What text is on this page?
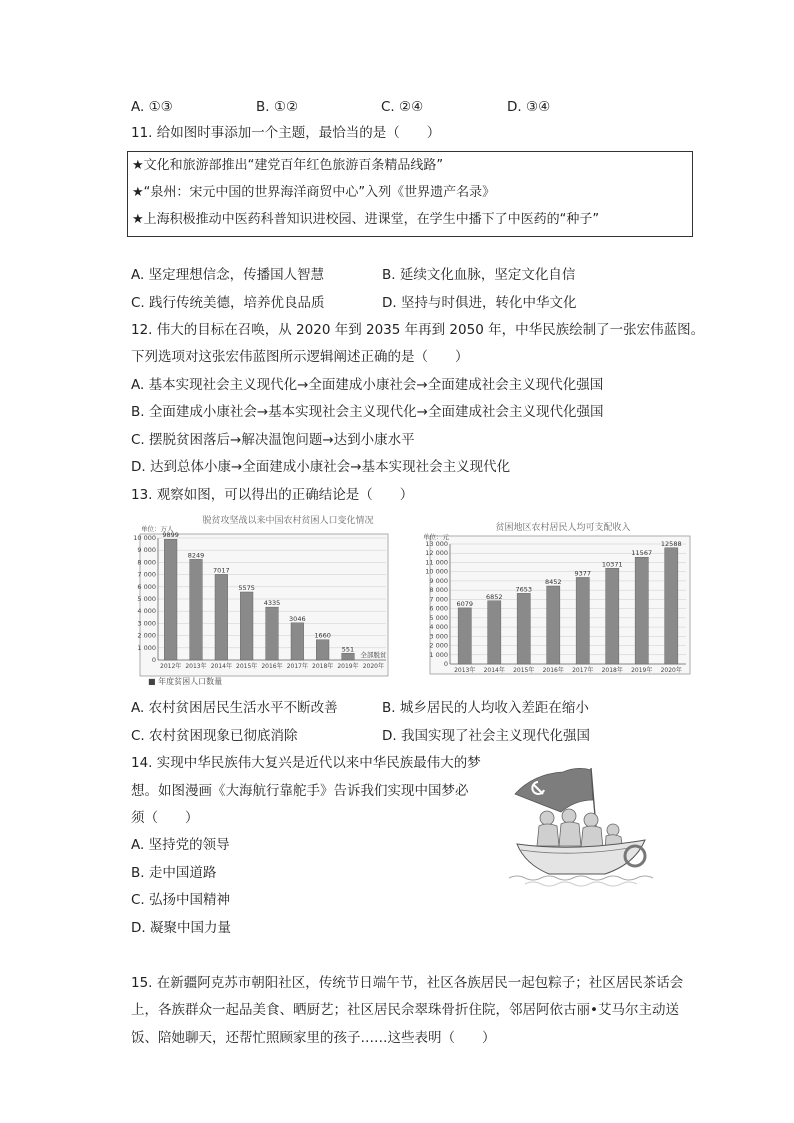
A. ①③	B. ①②	C. ②④	D. ③④
11. 给如图时事添加一个主题，最恰当的是（　　）
★文化和旅游部推出“建党百年红色旅游百条精品线路”
★“泉州：宋元中国的世界海洋商贸中心”入列《世界遗产名录》
★上海积极推动中医药科普知识进校园、进课堂，在学生中播下了中医药的“种子”
A. 坚定理想信念，传播国人智慧	B. 延续文化血脉，坚定文化自信
C. 践行传统美德，培养优良品质	D. 坚持与时俱进，转化中华文化
12. 伟大的目标在召唤，从 2020 年到 2035 年再到 2050 年，中华民族绘制了一张宏伟蓝图。
下列选项对这张宏伟蓝图所示逻辑阐述正确的是（　　）
A. 基本实现社会主义现代化→全面建成小康社会→全面建成社会主义现代化强国
B. 全面建成小康社会→基本实现社会主义现代化→全面建成社会主义现代化强国
C. 摆脱贫困落后→解决温饱问题→达到小康水平
D. 达到总体小康→全面建成小康社会→基本实现社会主义现代化
13. 观察如图，可以得出的正确结论是（　　）
脱贫攻坚战以来中国农村贫困人口变化情况
单位：万人
0
1 000
2 000
3 000
4 000
5 000
6 000
7 000
8 000
9 000
10 000 9899
8249
7017
5575
4335
3046
1660
551
全部脱贫
2012年 2013年 2014年 2015年 2016年 2017年 2018年 2019年 2020年
■ 年度贫困人口数量
贫困地区农村居民人均可支配收入
单位：元
0
1 000
2 000
3 000
4 000
5 000
6 000
7 000
8 000
9 000
10 000
11 000
12 000
13 000
6079
6852
7653
8452
9377
10371
11567
12588
2013年 2014年 2015年 2016年 2017年 2018年 2019年 2020年
A. 农村贫困居民生活水平不断改善	B. 城乡居民的人均收入差距在缩小
C. 农村贫困现象已彻底消除	D. 我国实现了社会主义现代化强国
14. 实现中华民族伟大复兴是近代以来中华民族最伟大的梦
想。如图漫画《大海航行靠舵手》告诉我们实现中国梦必
须（　　）
A. 坚持党的领导
B. 走中国道路
C. 弘扬中国精神
D. 凝聚中国力量
15. 在新疆阿克苏市朝阳社区，传统节日端午节，社区各族居民一起包粽子；社区居民茶话会
上，各族群众一起品美食、晒厨艺；社区居民佘翠珠骨折住院，邻居阿依古丽•艾马尔主动送
饭、陪她聊天，还帮忙照顾家里的孩子……这些表明（　　）
